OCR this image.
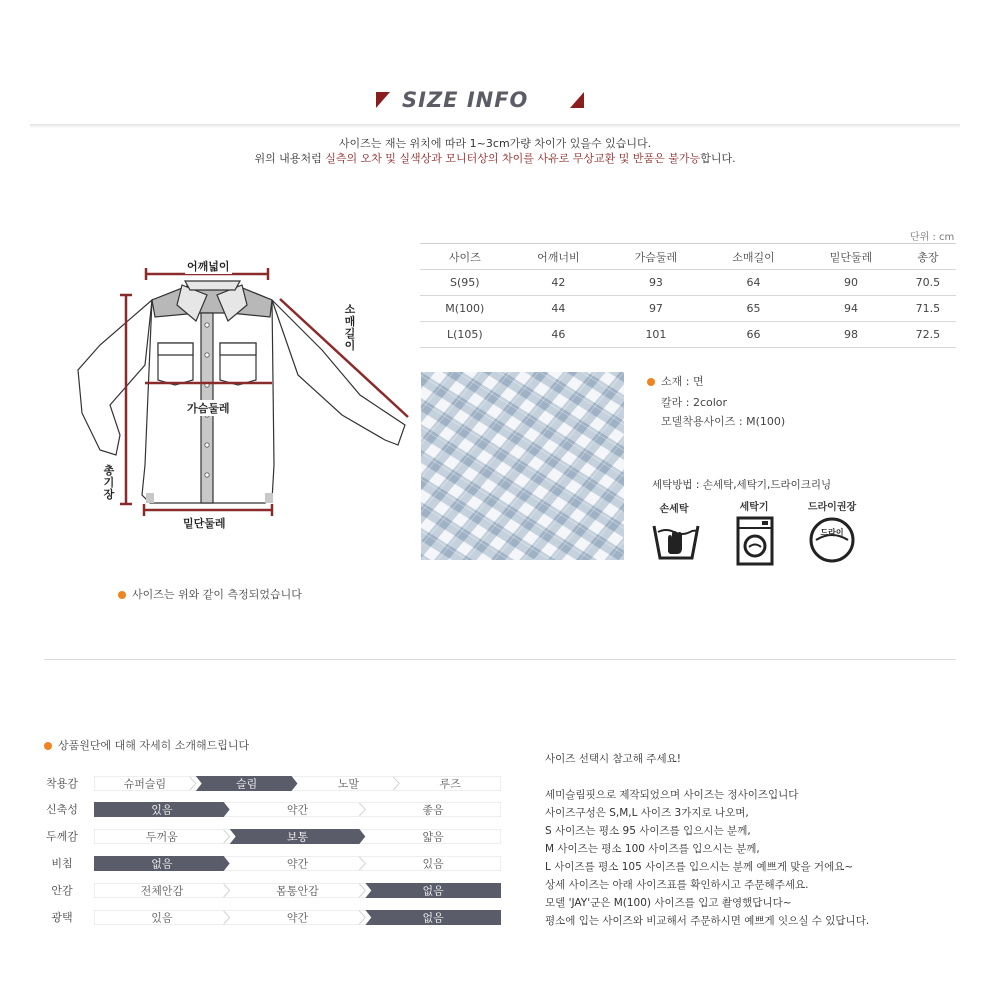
SIZE INFO
사이즈는 재는 위치에 따라 1~3cm가량 차이가 있을수 있습니다.
위의 내용처럼 실측의 오차 및 실색상과 모니터상의 차이를 사유로 무상교환 및 반품은 불가능합니다.
어깨넓이
소매길이
가슴둘레
총기장
밑단둘레
단위 : cm
사이즈	어깨너비	가슴둘레	소매길이	밑단둘레	총장
S(95)	42	93	64	90	70.5
M(100)	44	97	65	94	71.5
L(105)	46	101	66	98	72.5
소재 : 면
칼라 : 2color
모델착용사이즈 : M(100)
세탁방법 : 손세탁,세탁기,드라이크리닝
손세탁	세탁기	드라이권장
드라이
사이즈는 위와 같이 측정되었습니다
상품원단에 대해 자세히 소개해드립니다
착용감	슈퍼슬림	슬림	노말	루즈
신축성	있음	약간	좋음
두께감	두꺼움	보통	얇음
비침	없음	약간	있음
안감	전체안감	몸통안감	없음
광택	있음	약간	없음
사이즈 선택시 참고해 주세요!
세미슬림핏으로 제작되었으며 사이즈는 정사이즈입니다
사이즈구성은 S,M,L 사이즈 3가지로 나오며,
S 사이즈는 평소 95 사이즈를 입으시는 분께,
M 사이즈는 평소 100 사이즈를 입으시는 분께,
L 사이즈를 평소 105 사이즈를 입으시는 분께 예쁘게 맞을 거에요~
상세 사이즈는 아래 사이즈표를 확인하시고 주문해주세요.
모델 'JAY'군은 M(100) 사이즈를 입고 촬영했답니다~
평소에 입는 사이즈와 비교해서 주문하시면 예쁘게 잇으실 수 있답니다.
